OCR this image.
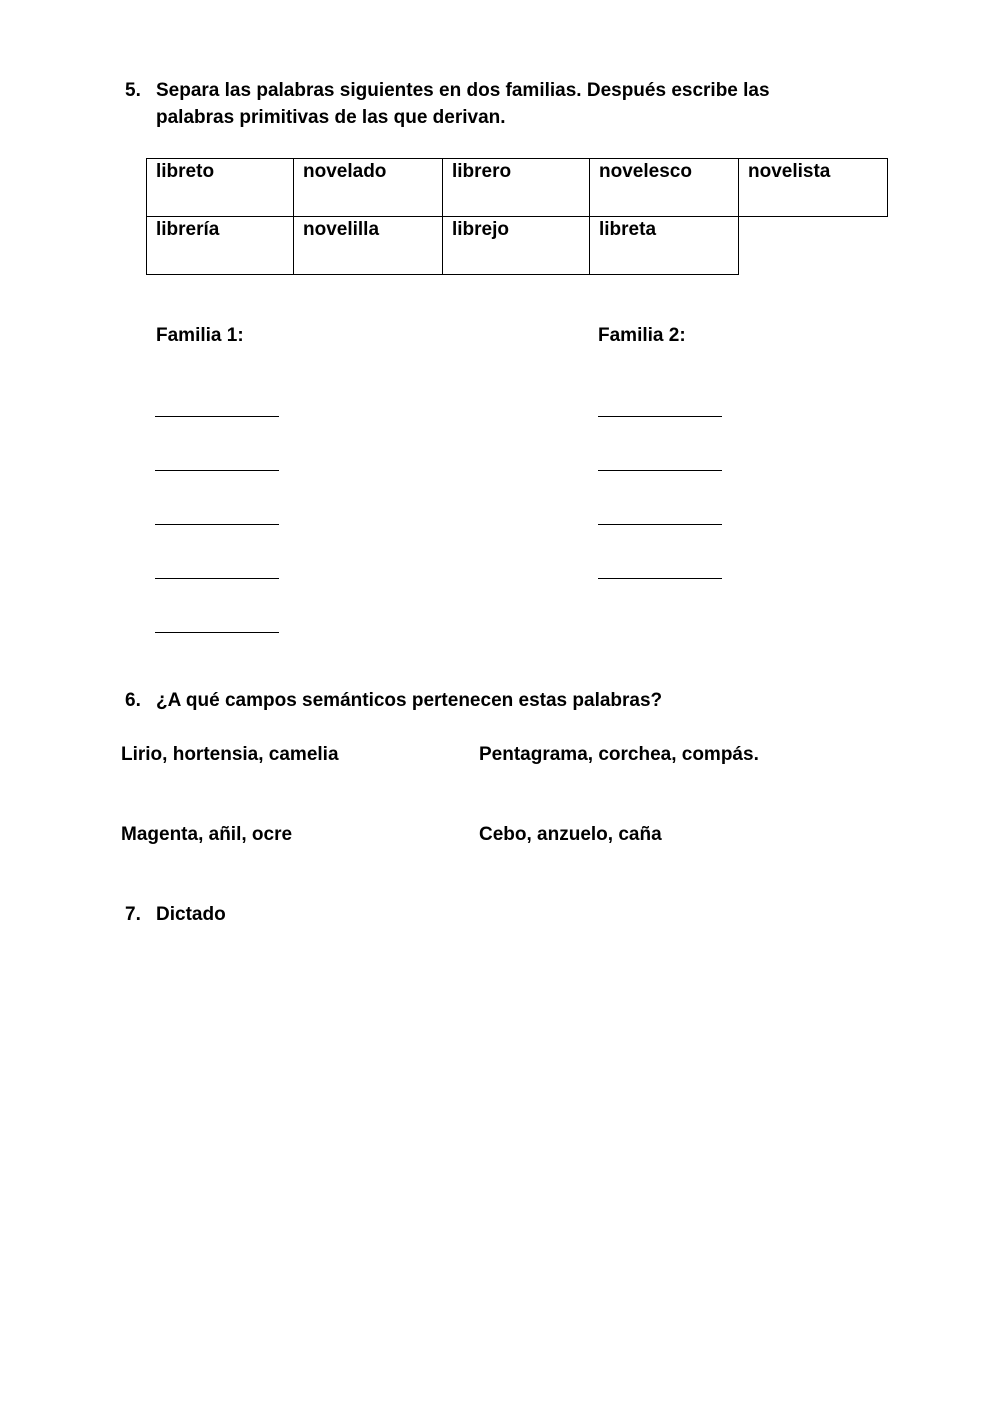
5. Separa las palabras siguientes en dos familias. Después escribe las
palabras primitivas de las que derivan.
libreto	novelado	librero	novelesco	novelista
librería	novelilla	librejo	libreta	
Familia 1:	Familia 2:
6. ¿A qué campos semánticos pertenecen estas palabras?
Lirio, hortensia, camelia	Pentagrama, corchea, compás.
Magenta, añil, ocre	Cebo, anzuelo, caña
7. Dictado
